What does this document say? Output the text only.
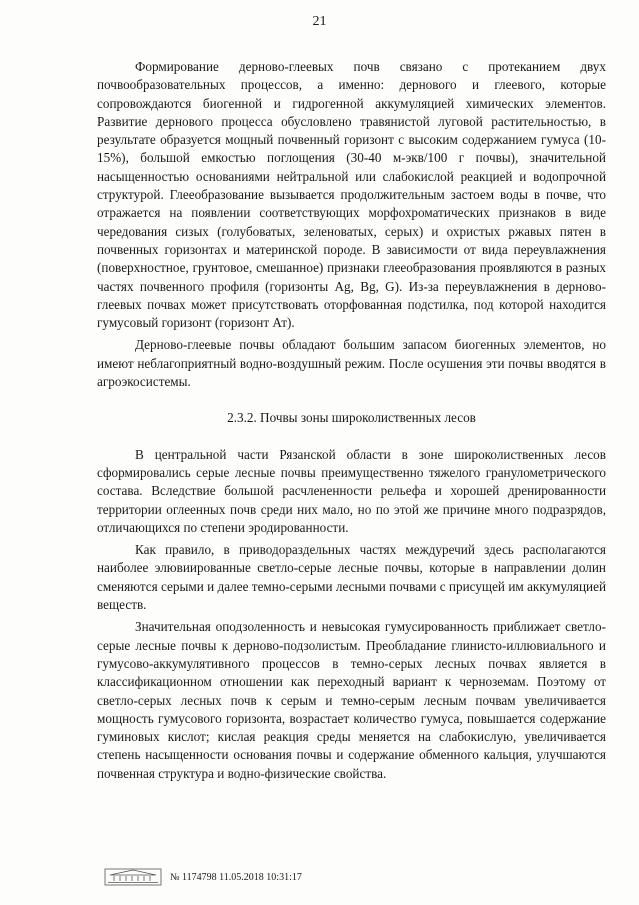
21

Формирование дерново-глеевых почв связано с протеканием двух почвообразовательных процессов, а именно: дернового и глеевого, которые сопровождаются биогенной и гидрогенной аккумуляцией химических элементов. Развитие дернового процесса обусловлено травянистой луговой растительностью, в результате образуется мощный почвенный горизонт с высоким содержанием гумуса (10-15%), большой емкостью поглощения (30-40 м-экв/100 г почвы), значительной насыщенностью основаниями нейтральной или слабокислой реакцией и водопрочной структурой. Глееобразование вызывается продолжительным застоем воды в почве, что отражается на появлении соответствующих морфохроматических признаков в виде чередования сизых (голубоватых, зеленоватых, серых) и охристых ржавых пятен в почвенных горизонтах и материнской породе. В зависимости от вида переувлажнения (поверхностное, грунтовое, смешанное) признаки глееобразования проявляются в разных частях почвенного профиля (горизонты Ag, Bg, G). Из-за переувлажнения в дерново-глеевых почвах может присутствовать оторфованная подстилка, под которой находится гумусовый горизонт (горизонт Ат).

Дерново-глеевые почвы обладают большим запасом биогенных элементов, но имеют неблагоприятный водно-воздушный режим. После осушения эти почвы вводятся в агроэкосистемы.

2.3.2. Почвы зоны широколиственных лесов

В центральной части Рязанской области в зоне широколиственных лесов сформировались серые лесные почвы преимущественно тяжелого гранулометрического состава. Вследствие большой расчлененности рельефа и хорошей дренированности территории оглеенных почв среди них мало, но по этой же причине много подразрядов, отличающихся по степени эродированности.

Как правило, в приводораздельных частях междуречий здесь располагаются наиболее элювиированные светло-серые лесные почвы, которые в направлении долин сменяются серыми и далее темно-серыми лесными почвами с присущей им аккумуляцией веществ.

Значительная оподзоленность и невысокая гумусированность приближает светло-серые лесные почвы к дерново-подзолистым. Преобладание глинисто-иллювиального и гумусово-аккумулятивного процессов в темно-серых лесных почвах является в классификационном отношении как переходный вариант к черноземам. Поэтому от светло-серых лесных почв к серым и темно-серым лесным почвам увеличивается мощность гумусового горизонта, возрастает количество гумуса, повышается содержание гуминовых кислот; кислая реакция среды меняется на слабокислую, увеличивается степень насыщенности основания почвы и содержание обменного кальция, улучшаются почвенная структура и водно-физические свойства.

№ 1174798 11.05.2018 10:31:17
